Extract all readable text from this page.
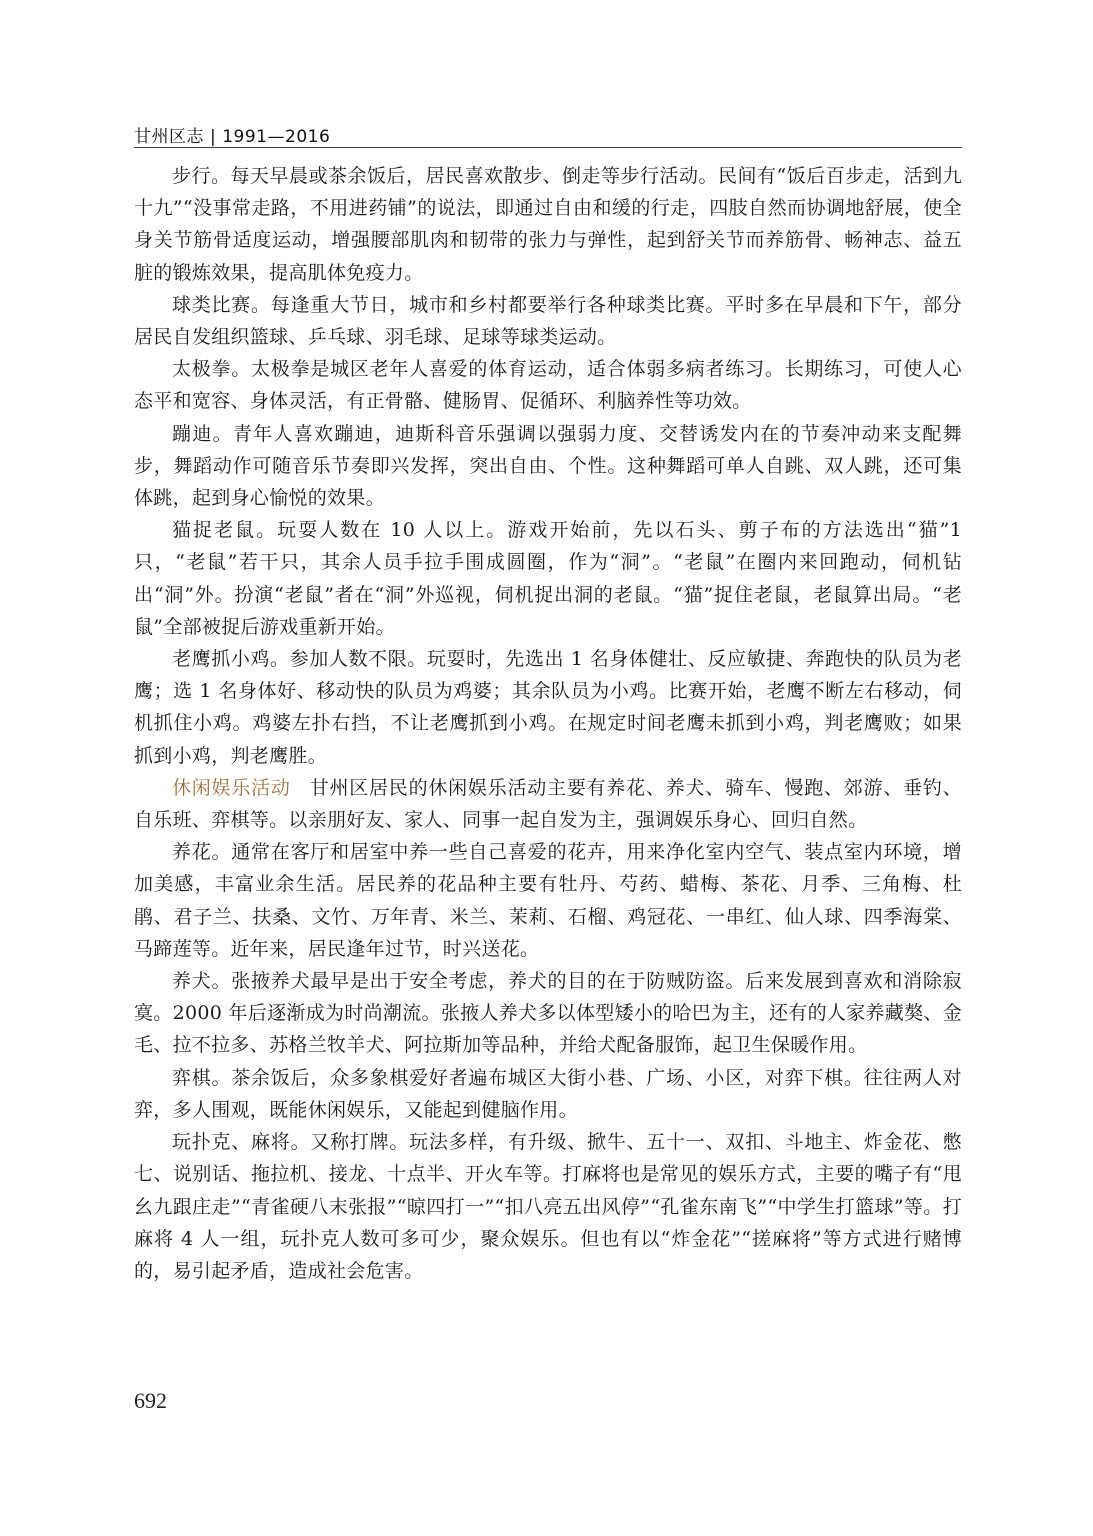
甘州区志 | 1991—2016

步行。每天早晨或茶余饭后，居民喜欢散步、倒走等步行活动。民间有“饭后百步走，活到九十九”“没事常走路，不用进药铺”的说法，即通过自由和缓的行走，四肢自然而协调地舒展，使全身关节筋骨适度运动，增强腰部肌肉和韧带的张力与弹性，起到舒关节而养筋骨、畅神志、益五脏的锻炼效果，提高肌体免疫力。

球类比赛。每逢重大节日，城市和乡村都要举行各种球类比赛。平时多在早晨和下午，部分居民自发组织篮球、乒乓球、羽毛球、足球等球类运动。

太极拳。太极拳是城区老年人喜爱的体育运动，适合体弱多病者练习。长期练习，可使人心态平和宽容、身体灵活，有正骨骼、健肠胃、促循环、利脑养性等功效。

蹦迪。青年人喜欢蹦迪，迪斯科音乐强调以强弱力度、交替诱发内在的节奏冲动来支配舞步，舞蹈动作可随音乐节奏即兴发挥，突出自由、个性。这种舞蹈可单人自跳、双人跳，还可集体跳，起到身心愉悦的效果。

猫捉老鼠。玩耍人数在 10 人以上。游戏开始前，先以石头、剪子布的方法选出“猫”1 只，“老鼠”若干只，其余人员手拉手围成圆圈，作为“洞”。“老鼠”在圈内来回跑动，伺机钻出“洞”外。扮演“老鼠”者在“洞”外巡视，伺机捉出洞的老鼠。“猫”捉住老鼠，老鼠算出局。“老鼠”全部被捉后游戏重新开始。

老鹰抓小鸡。参加人数不限。玩耍时，先选出 1 名身体健壮、反应敏捷、奔跑快的队员为老鹰；选 1 名身体好、移动快的队员为鸡婆；其余队员为小鸡。比赛开始，老鹰不断左右移动，伺机抓住小鸡。鸡婆左扑右挡，不让老鹰抓到小鸡。在规定时间老鹰未抓到小鸡，判老鹰败；如果抓到小鸡，判老鹰胜。

休闲娱乐活动 甘州区居民的休闲娱乐活动主要有养花、养犬、骑车、慢跑、郊游、垂钓、自乐班、弈棋等。以亲朋好友、家人、同事一起自发为主，强调娱乐身心、回归自然。

养花。通常在客厅和居室中养一些自己喜爱的花卉，用来净化室内空气、装点室内环境，增加美感，丰富业余生活。居民养的花品种主要有牡丹、芍药、蜡梅、茶花、月季、三角梅、杜鹃、君子兰、扶桑、文竹、万年青、米兰、茉莉、石榴、鸡冠花、一串红、仙人球、四季海棠、马蹄莲等。近年来，居民逢年过节，时兴送花。

养犬。张掖养犬最早是出于安全考虑，养犬的目的在于防贼防盗。后来发展到喜欢和消除寂寞。2000 年后逐渐成为时尚潮流。张掖人养犬多以体型矮小的哈巴为主，还有的人家养藏獒、金毛、拉不拉多、苏格兰牧羊犬、阿拉斯加等品种，并给犬配备服饰，起卫生保暖作用。

弈棋。茶余饭后，众多象棋爱好者遍布城区大街小巷、广场、小区，对弈下棋。往往两人对弈，多人围观，既能休闲娱乐，又能起到健脑作用。

玩扑克、麻将。又称打牌。玩法多样，有升级、掀牛、五十一、双扣、斗地主、炸金花、憋七、说别话、拖拉机、接龙、十点半、开火车等。打麻将也是常见的娱乐方式，主要的嘴子有“甩幺九跟庄走”“青雀硬八末张报”“晾四打一”“扣八亮五出风停”“孔雀东南飞”“中学生打篮球”等。打麻将 4 人一组，玩扑克人数可多可少，聚众娱乐。但也有以“炸金花”“搓麻将”等方式进行赌博的，易引起矛盾，造成社会危害。

692
